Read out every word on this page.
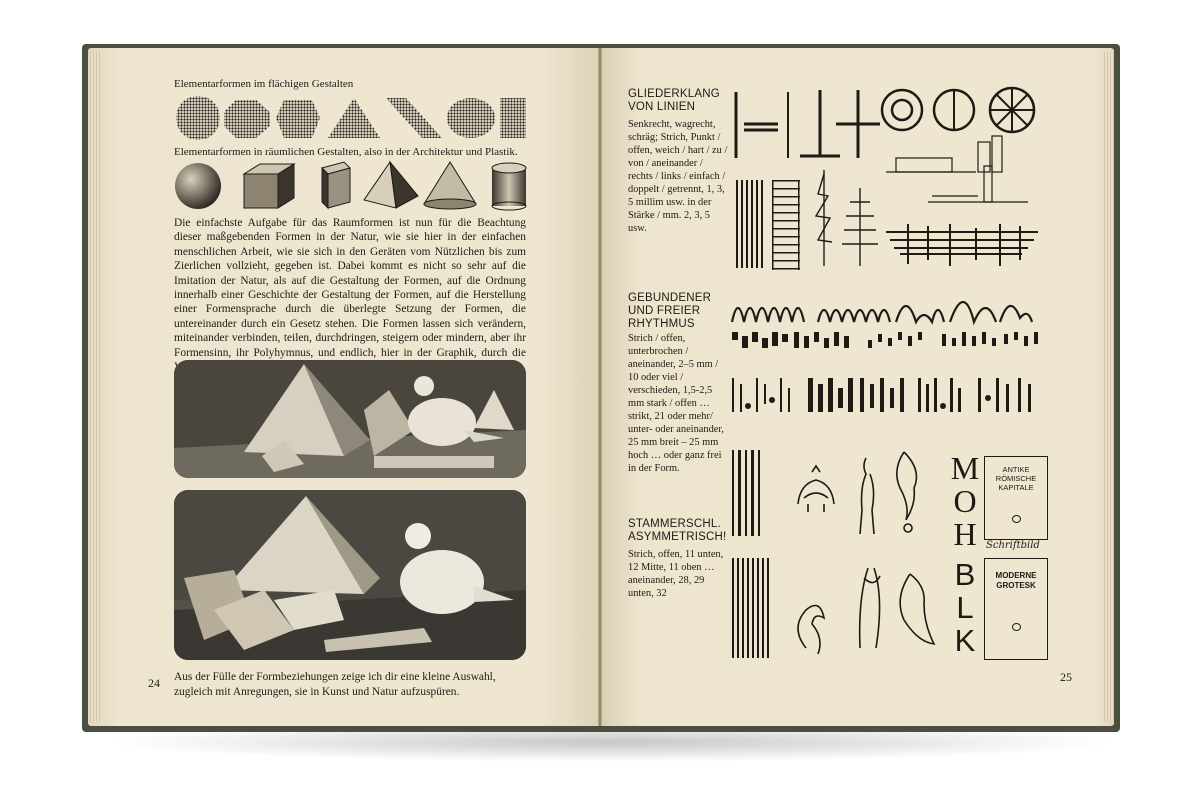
Elementarformen im flächigen Gestalten

Elementarformen in räumlichen Gestalten, also in der Architektur und Plastik.

Die einfachste Aufgabe für das Raumformen ist nun für die Beachtung dieser maßgebenden Formen in der Natur, wie sie hier in der einfachen menschlichen Arbeit, wie sie sich in den Geräten vom Nützlichen bis zum Zierlichen vollzieht, gegeben ist. Dabei kommt es nicht so sehr auf die Imitation der Natur, als auf die Gestaltung der Formen, auf die Ordnung innerhalb einer Geschichte der Gestaltung der Formen, auf die Herstellung einer Formensprache durch die überlegte Setzung der Formen, die untereinander durch ein Gesetz stehen. Die Formen lassen sich verändern, miteinander verbinden, teilen, durchdringen, steigern oder mindern, aber ihr Formensinn, ihr Polyhymnus, und endlich, hier in der Graphik, durch die

Aus der Fülle der Formbeziehungen zeige ich dir eine kleine Auswahl, zugleich mit Anregungen, sie in Kunst und Natur aufzuspüren.

24

GLIEDERKLANG VON LINIEN

Senkrecht, wagrecht, schräg; Strich, Punkt / offen, weich / hart / zu / von / aneinander / rechts / links / einfach / doppelt / getrennt, 1, 3, 5 millim usw. in der Stärke / mm. 2, 3, 5 usw.

GEBUNDENER UND FREIER RHYTHMUS

Strich / offen, unterbrochen / aneinander, 2–5 mm / 10 oder viel / verschieden, 1,5-2,5 mm stark / offen … strikt, 21 oder mehr/ unter- oder aneinander, 25 mm breit – 25 mm hoch … oder ganz frei in der Form.

STAMMERSCHL. ASYMMETRISCH!

Strich, offen, 11 unten, 12 Mitte, 11 oben … aneinander, 28, 29 unten, 32

MOH
BLK
ANTIKE RÖMISCHE KAPITALE
Schriftbild
MODERNE GROTESK
25
